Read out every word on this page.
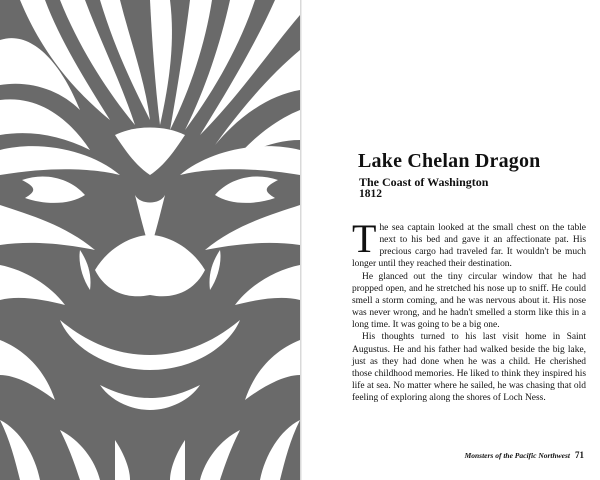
Lake Chelan Dragon
The Coast of Washington
1812

The sea captain looked at the small chest on the table next to his bed and gave it an affectionate pat. His precious cargo had traveled far. It wouldn't be much longer until they reached their destination.

He glanced out the tiny circular window that he had propped open, and he stretched his nose up to sniff. He could smell a storm coming, and he was nervous about it. His nose was never wrong, and he hadn't smelled a storm like this in a long time. It was going to be a big one.

His thoughts turned to his last visit home in Saint Augustus. He and his father had walked beside the big lake, just as they had done when he was a child. He cherished those childhood memories. He liked to think they inspired his life at sea. No matter where he sailed, he was chasing that old feeling of exploring along the shores of Loch Ness.

Monsters of the Pacific Northwest 71
